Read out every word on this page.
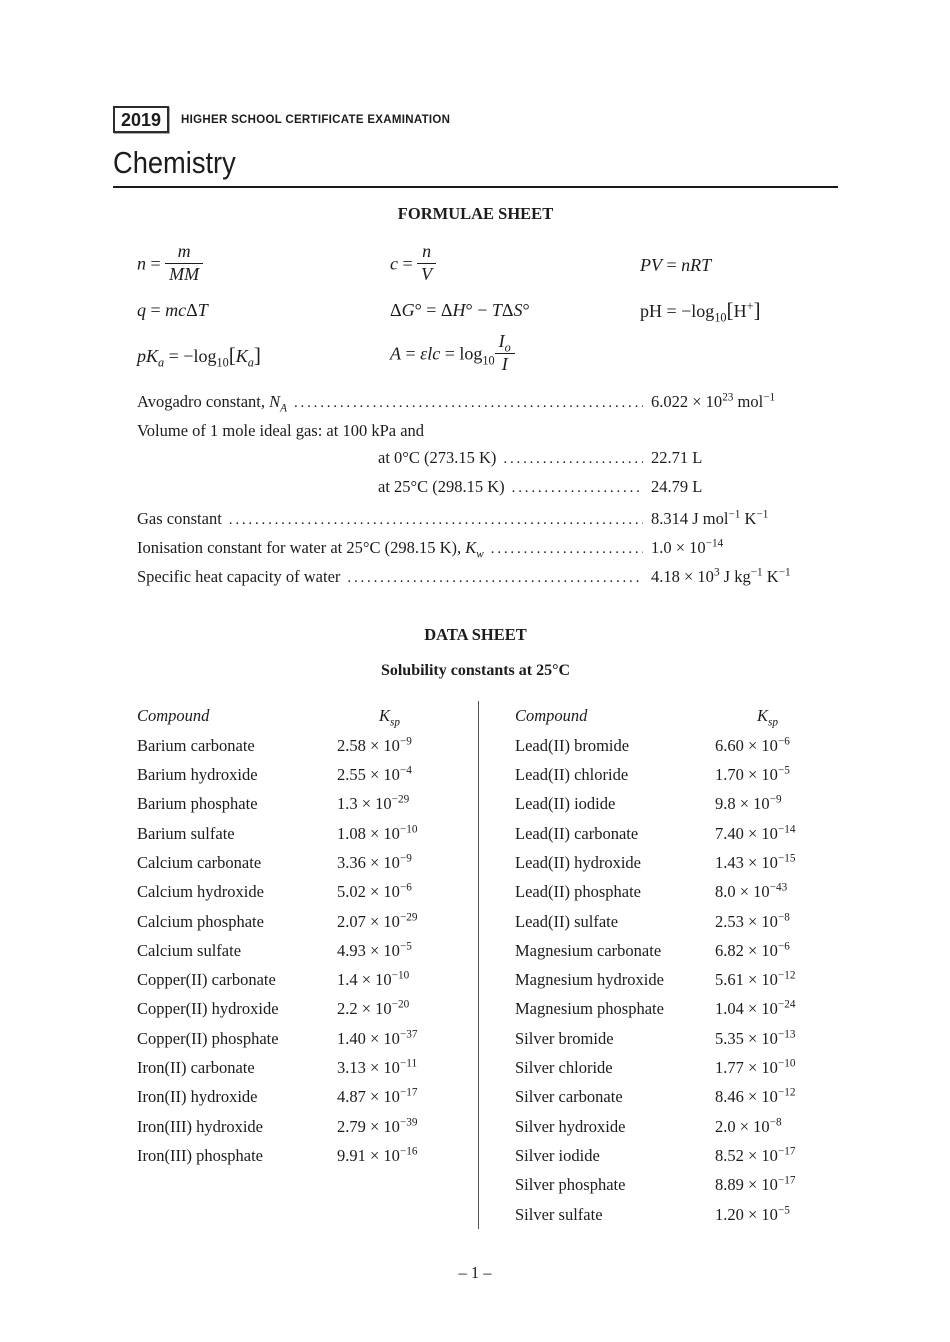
2019	HIGHER SCHOOL CERTIFICATE EXAMINATION
Chemistry
FORMULAE SHEET
$n = \frac{m}{MM}$	$c = \frac{n}{V}$	PV = nRT
q = mcΔT	ΔG° = ΔH° − TΔS°	pH = $-\log_{10}[H^+]$
$pK_a = -\log_{10}[K_a]$	$A = \varepsilon lc = \log_{10} \frac{I_o}{I}$
Avogadro constant, $N_A$ .....	$6.022 \times 10^{23}$ mol$^{-1}$
Volume of 1 mole ideal gas: at 100 kPa and
at 0°C (273.15 K) .....	22.71 L
at 25°C (298.15 K) .....	24.79 L
Gas constant .....	8.314 J mol$^{-1}$ $K^{-1}$
Ionisation constant for water at 25°C (298.15 K), $K_w$ .....	$1.0 \times 10^{-14}$
Specific heat capacity of water .....	$4.18 \times 10^3$ J $kg^{-1}$ $K^{-1}$
DATA SHEET
Solubility constants at 25°C
Compound	$K_{sp}$
Barium carbonate	$2.58 \times 10^{-9}$
Barium hydroxide	$2.55 \times 10^{-4}$
Barium phosphate	$1.3 \times 10^{-29}$
Barium sulfate	$1.08 \times 10^{-10}$
Calcium carbonate	$3.36 \times 10^{-9}$
Calcium hydroxide	$5.02 \times 10^{-6}$
Calcium phosphate	$2.07 \times 10^{-29}$
Calcium sulfate	$4.93 \times 10^{-5}$
Copper(II) carbonate	$1.4 \times 10^{-10}$
Copper(II) hydroxide	$2.2 \times 10^{-20}$
Copper(II) phosphate	$1.40 \times 10^{-37}$
Iron(II) carbonate	$3.13 \times 10^{-11}$
Iron(II) hydroxide	$4.87 \times 10^{-17}$
Iron(III) hydroxide	$2.79 \times 10^{-39}$
Iron(III) phosphate	$9.91 \times 10^{-16}$
Compound	$K_{sp}$
Lead(II) bromide	$6.60 \times 10^{-6}$
Lead(II) chloride	$1.70 \times 10^{-5}$
Lead(II) iodide	$9.8 \times 10^{-9}$
Lead(II) carbonate	$7.40 \times 10^{-14}$
Lead(II) hydroxide	$1.43 \times 10^{-15}$
Lead(II) phosphate	$8.0 \times 10^{-43}$
Lead(II) sulfate	$2.53 \times 10^{-8}$
Magnesium carbonate	$6.82 \times 10^{-6}$
Magnesium hydroxide	$5.61 \times 10^{-12}$
Magnesium phosphate	$1.04 \times 10^{-24}$
Silver bromide	$5.35 \times 10^{-13}$
Silver chloride	$1.77 \times 10^{-10}$
Silver carbonate	$8.46 \times 10^{-12}$
Silver hydroxide	$2.0 \times 10^{-8}$
Silver iodide	$8.52 \times 10^{-17}$
Silver phosphate	$8.89 \times 10^{-17}$
Silver sulfate	$1.20 \times 10^{-5}$
– 1 –
